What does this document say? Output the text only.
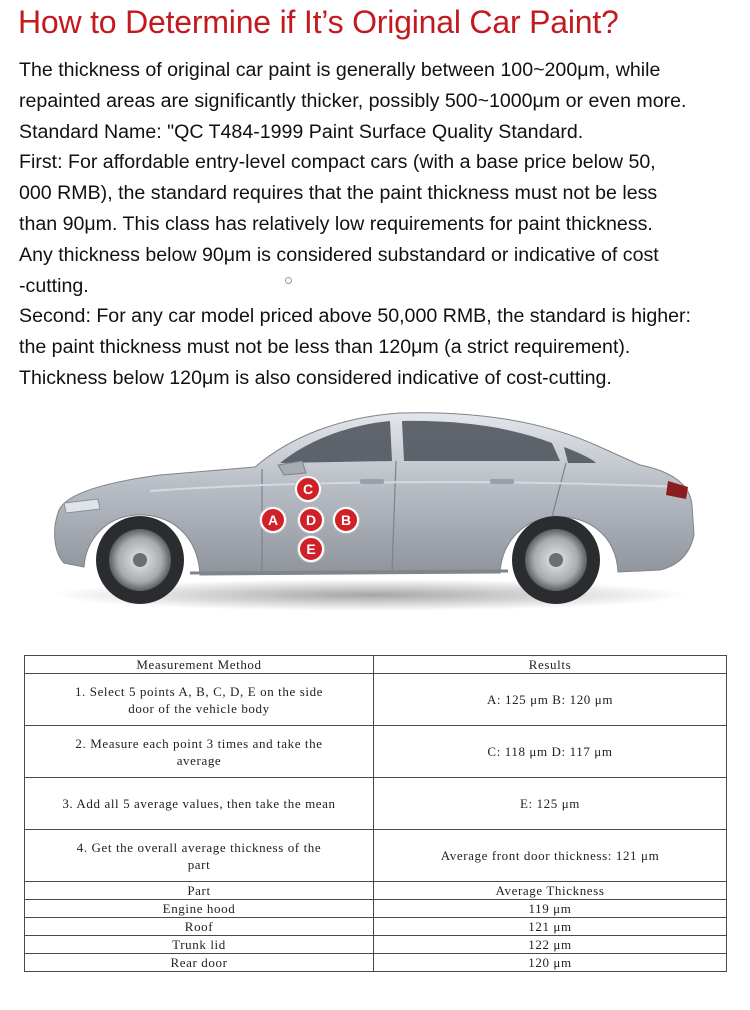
How to Determine if It’s Original Car Paint?
The thickness of original car paint is generally between 100~200μm, while
repainted areas are significantly thicker, possibly 500~1000μm or even more.
Standard Name: "QC T484-1999 Paint Surface Quality Standard.
First: For affordable entry-level compact cars (with a base price below 50,
000 RMB), the standard requires that the paint thickness must not be less
than 90μm. This class has relatively low requirements for paint thickness.
Any thickness below 90μm is considered substandard or indicative of cost
-cutting.
Second: For any car model priced above 50,000 RMB, the standard is higher:
the paint thickness must not be less than 120μm (a strict requirement).
Thickness below 120μm is also considered indicative of cost-cutting.
C
A	D	B
E
Measurement Method	Results

1. Select 5 points A, B, C, D, E on the side
door of the vehicle body	A: 125 μm B: 120 μm

2. Measure each point 3 times and take the
average	C: 118 μm D: 117 μm

3. Add all 5 average values, then take the mean	E: 125 μm

4. Get the overall average thickness of the
part	Average front door thickness: 121 μm
Part	Average Thickness
Engine hood	119 μm
Roof	121 μm
Trunk lid	122 μm
Rear door	120 μm
